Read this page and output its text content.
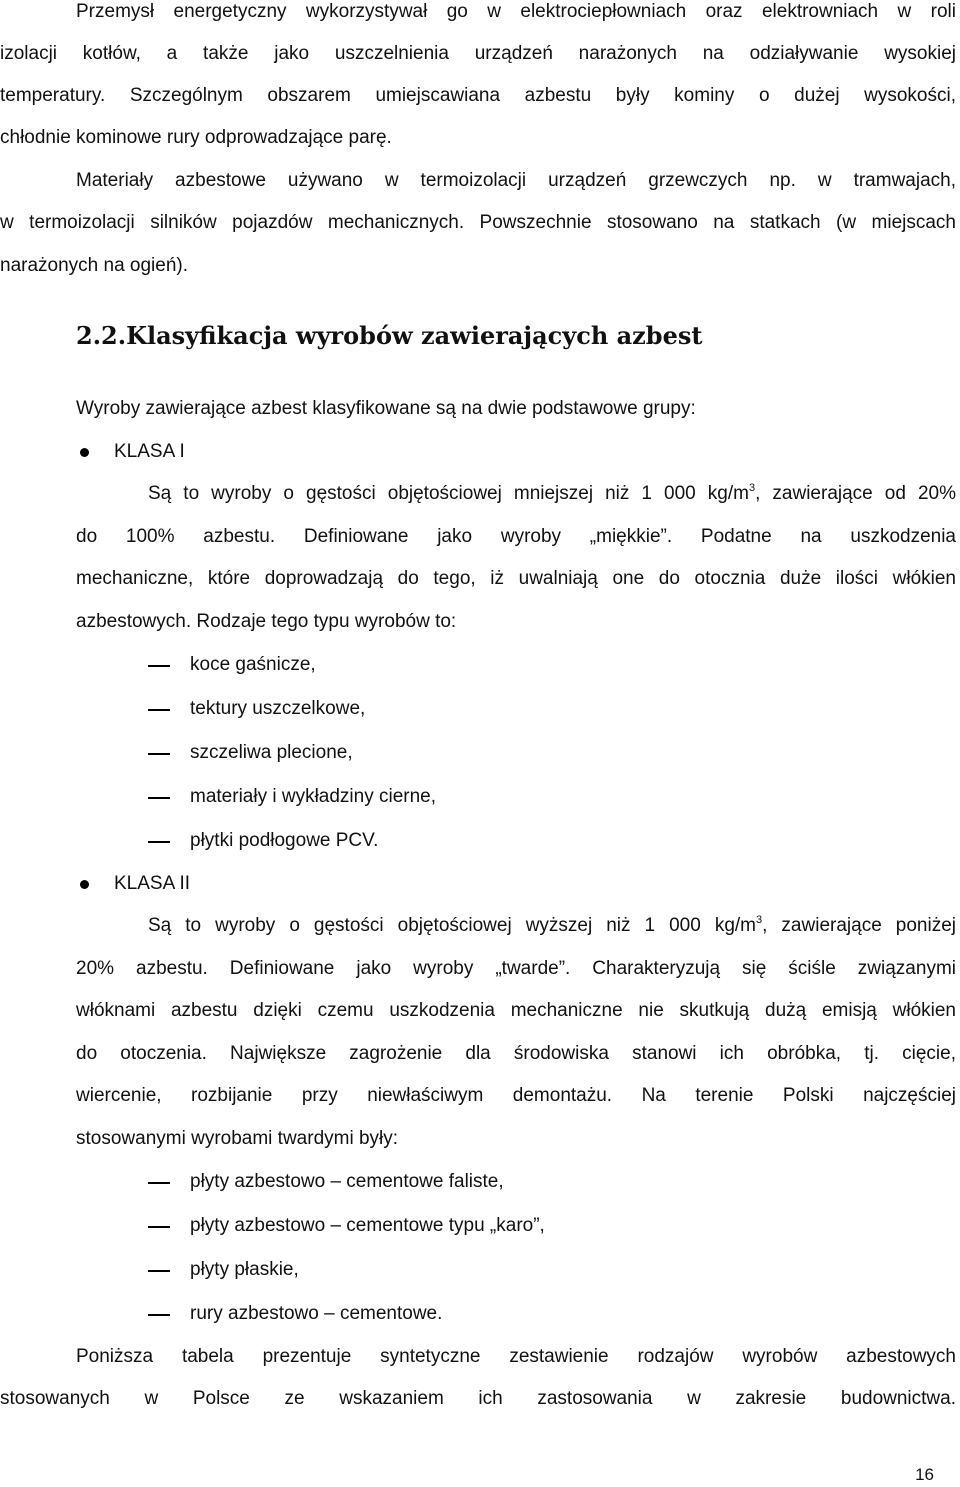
Przemysł energetyczny wykorzystywał go w elektrociepłowniach oraz elektrowniach w roli
izolacji kotłów, a także jako uszczelnienia urządzeń narażonych na odziaływanie wysokiej
temperatury. Szczególnym obszarem umiejscawiana azbestu były kominy o dużej wysokości,
chłodnie kominowe rury odprowadzające parę.
Materiały azbestowe używano w termoizolacji urządzeń grzewczych np. w tramwajach,
w termoizolacji silników pojazdów mechanicznych. Powszechnie stosowano na statkach (w miejscach
narażonych na ogień).
2.2.Klasyfikacja wyrobów zawierających azbest
Wyroby zawierające azbest klasyfikowane są na dwie podstawowe grupy:
KLASA I
Są to wyroby o gęstości objętościowej mniejszej niż 1 000 $kg/m^3$, zawierające od 20%
do 100% azbestu. Definiowane jako wyroby „miękkie”. Podatne na uszkodzenia
mechaniczne, które doprowadzają do tego, iż uwalniają one do otocznia duże ilości włókien
azbestowych. Rodzaje tego typu wyrobów to:
koce gaśnicze,
tektury uszczelkowe,
szczeliwa plecione,
materiały i wykładziny cierne,
płytki podłogowe PCV.
KLASA II
Są to wyroby o gęstości objętościowej wyższej niż 1 000 $kg/m^3$, zawierające poniżej
20% azbestu. Definiowane jako wyroby „twarde”. Charakteryzują się ściśle związanymi
włóknami azbestu dzięki czemu uszkodzenia mechaniczne nie skutkują dużą emisją włókien
do otoczenia. Największe zagrożenie dla środowiska stanowi ich obróbka, tj. cięcie,
wiercenie, rozbijanie przy niewłaściwym demontażu. Na terenie Polski najczęściej
stosowanymi wyrobami twardymi były:
płyty azbestowo – cementowe faliste,
płyty azbestowo – cementowe typu „karo”,
płyty płaskie,
rury azbestowo – cementowe.
Poniższa tabela prezentuje syntetyczne zestawienie rodzajów wyrobów azbestowych
stosowanych w Polsce ze wskazaniem ich zastosowania w zakresie budownictwa.
16
